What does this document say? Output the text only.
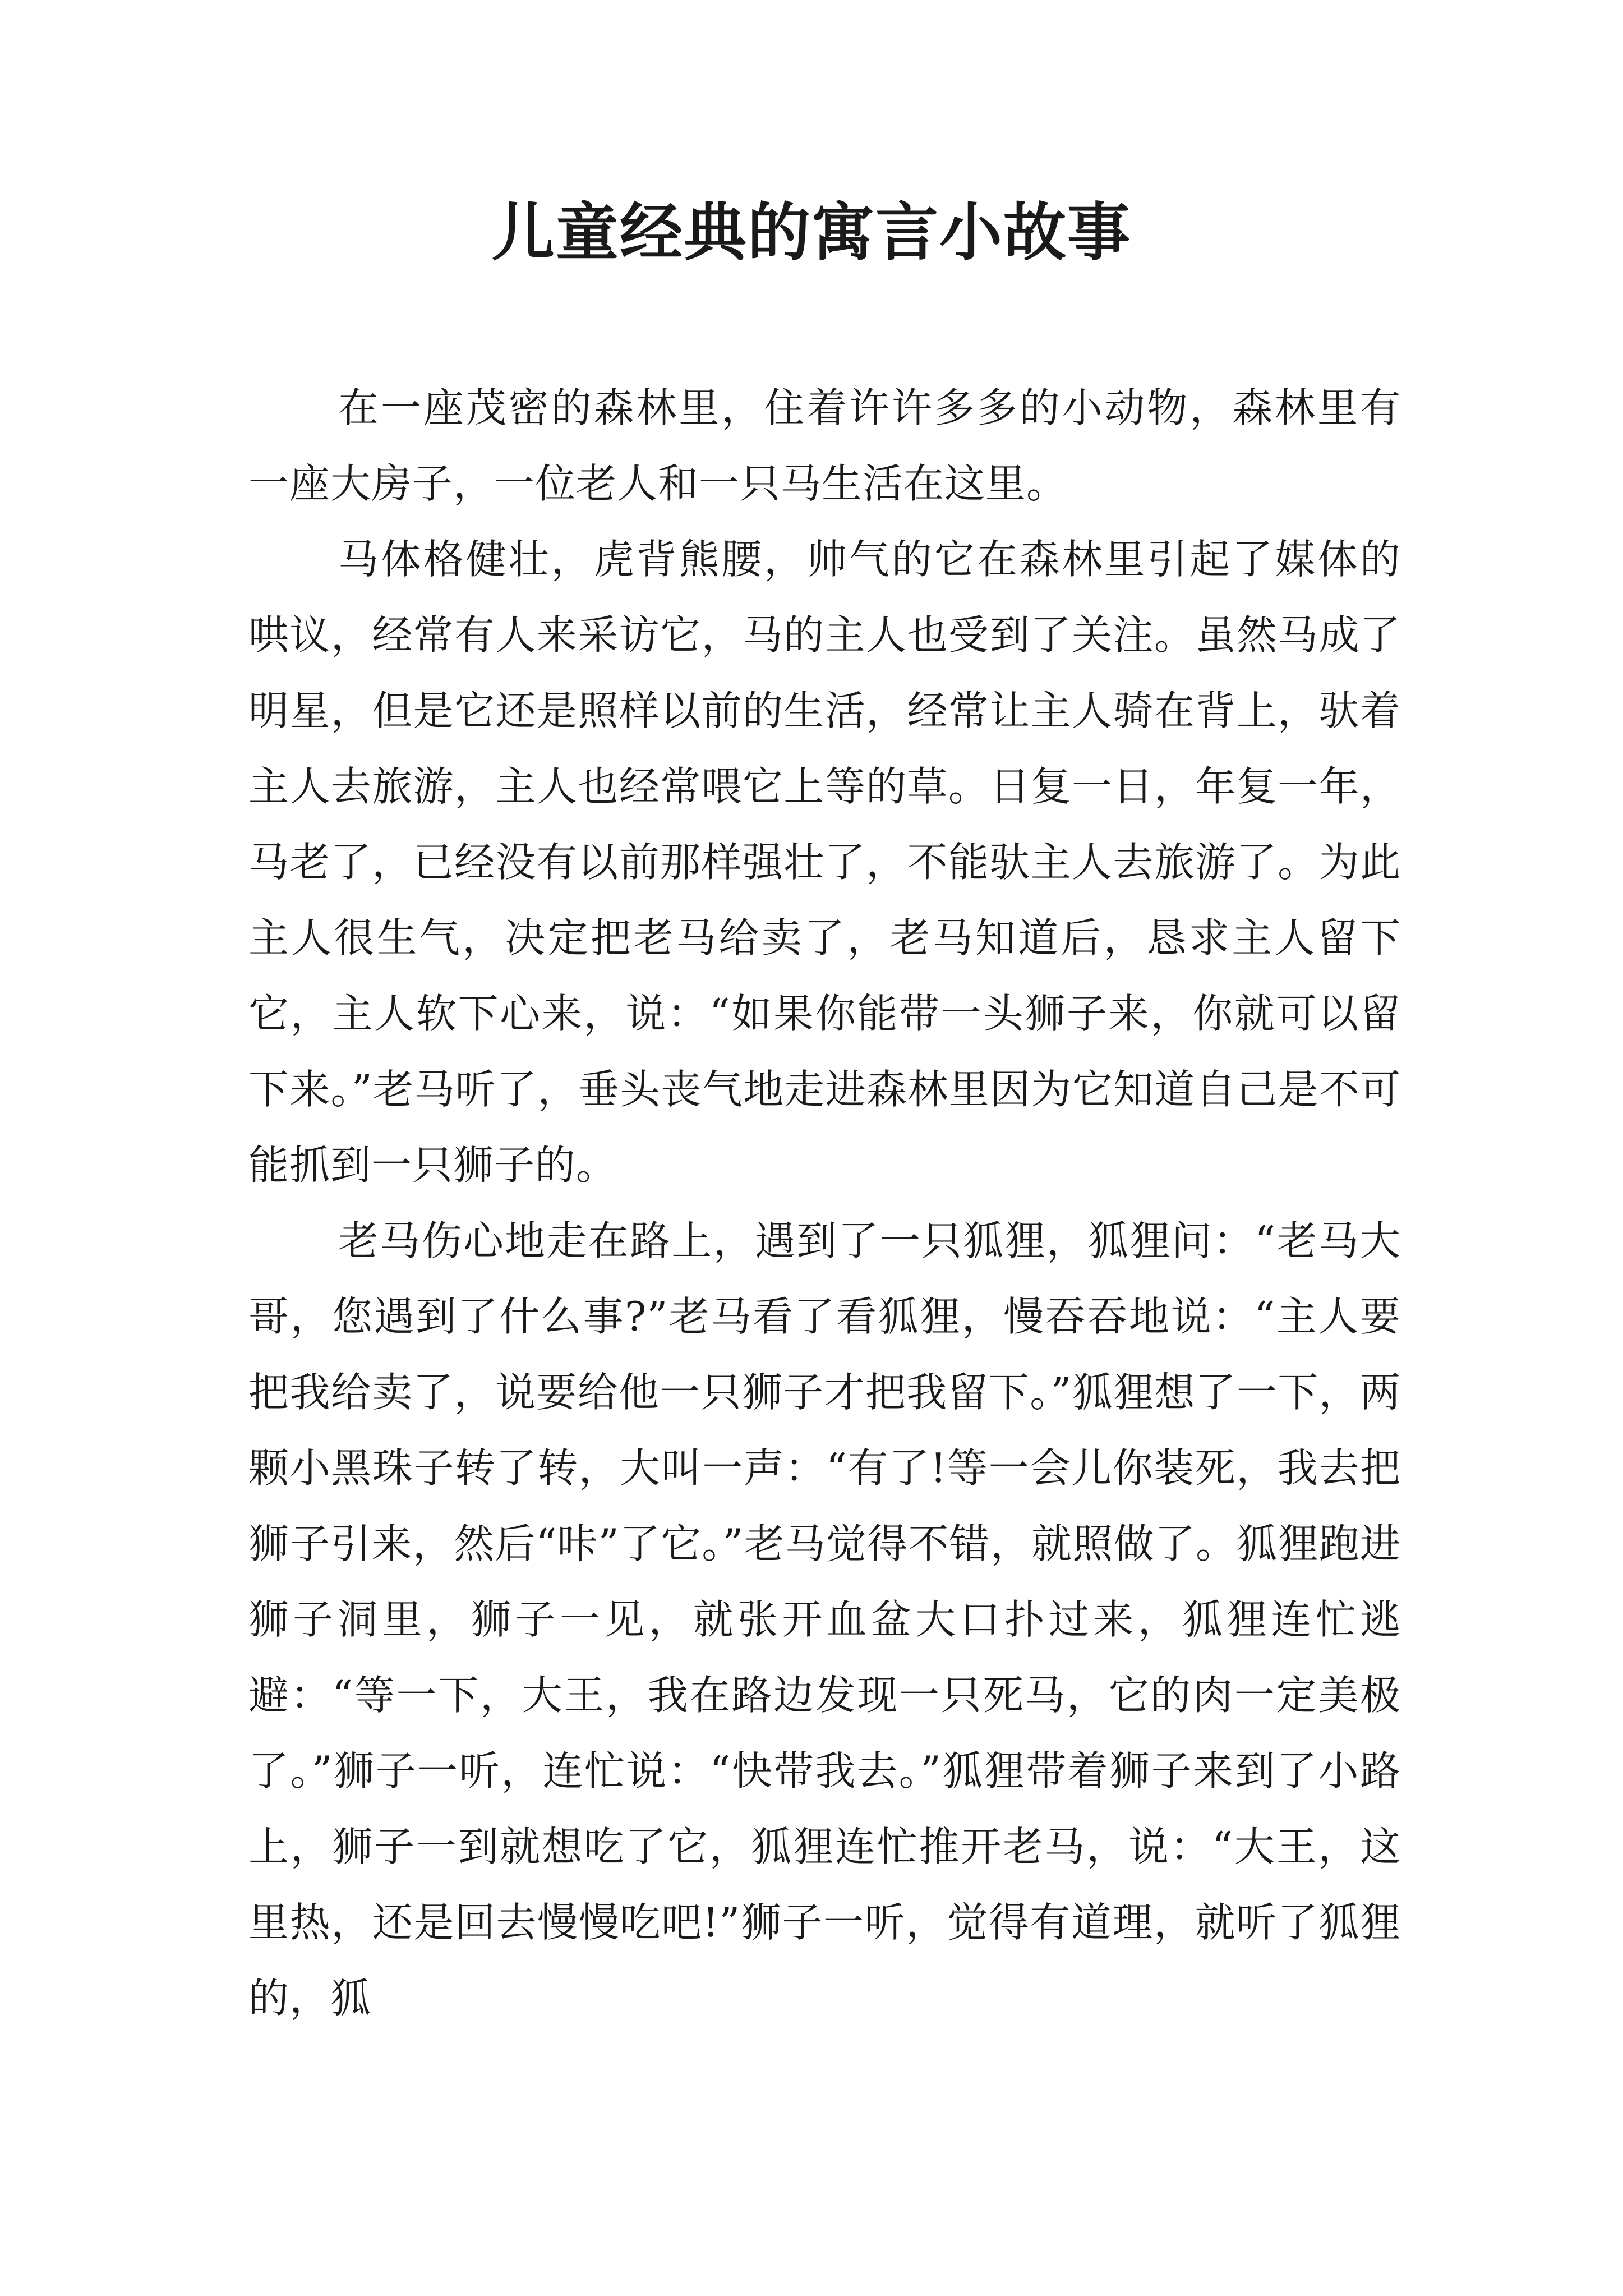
儿童经典的寓言小故事

在一座茂密的森林里，住着许许多多的小动物，森林里有一座大房子，一位老人和一只马生活在这里。

马体格健壮，虎背熊腰，帅气的它在森林里引起了媒体的哄议，经常有人来采访它，马的主人也受到了关注。虽然马成了明星，但是它还是照样以前的生活，经常让主人骑在背上，驮着主人去旅游，主人也经常喂它上等的草。日复一日，年复一年，马老了，已经没有以前那样强壮了，不能驮主人去旅游了。为此主人很生气，决定把老马给卖了，老马知道后，恳求主人留下它，主人软下心来，说：“如果你能带一头狮子来，你就可以留下来。”老马听了，垂头丧气地走进森林里因为它知道自己是不可能抓到一只狮子的。

老马伤心地走在路上，遇到了一只狐狸，狐狸问：“老马大哥，您遇到了什么事?”老马看了看狐狸，慢吞吞地说：“主人要把我给卖了，说要给他一只狮子才把我留下。”狐狸想了一下，两颗小黑珠子转了转，大叫一声：“有了!等一会儿你装死，我去把狮子引来，然后“咔”了它。”老马觉得不错，就照做了。狐狸跑进狮子洞里，狮子一见，就张开血盆大口扑过来，狐狸连忙逃避：“等一下，大王，我在路边发现一只死马，它的肉一定美极了。”狮子一听，连忙说：“快带我去。”狐狸带着狮子来到了小路上，狮子一到就想吃了它，狐狸连忙推开老马，说：“大王，这里热，还是回去慢慢吃吧!”狮子一听，觉得有道理，就听了狐狸的，狐
